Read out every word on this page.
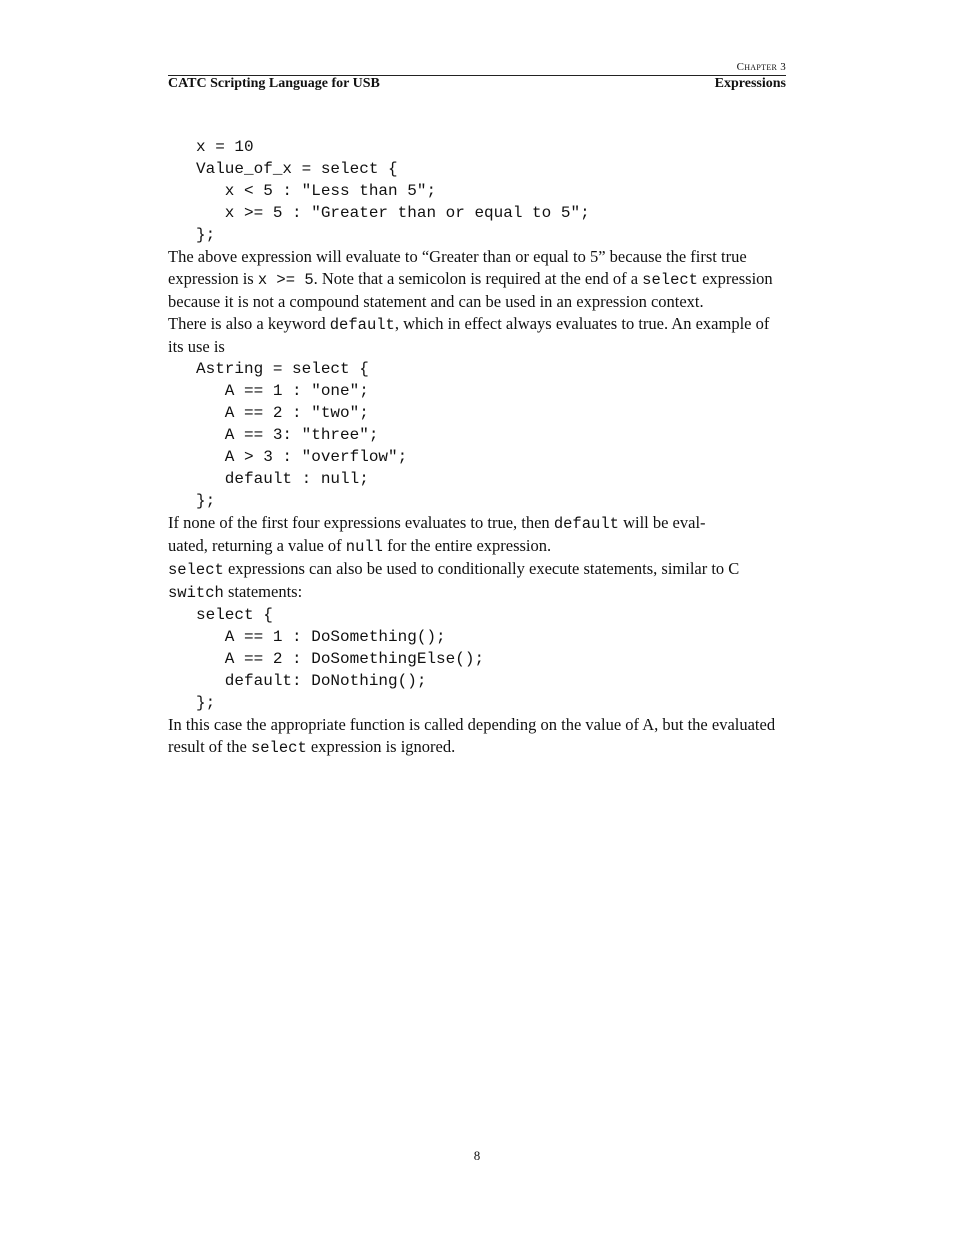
Chapter 3
CATC Scripting Language for USB	Expressions
x = 10
Value_of_x = select {
x < 5 : "Less than 5";
x >= 5 : "Greater than or equal to 5";
};

The above expression will evaluate to “Greater than or equal to 5” because the first true expression is x >= 5. Note that a semicolon is required at the end of a select expression because it is not a compound statement and can be used in an expression context.

There is also a keyword default, which in effect always evaluates to true. An example of its use is

Astring = select {
A == 1 : "one";
A == 2 : "two";
A == 3: "three";
A > 3 : "overflow";
default : null;
};

If none of the first four expressions evaluates to true, then default will be eval-
uated, returning a value of null for the entire expression.

select expressions can also be used to conditionally execute statements, similar to C switch statements:

select {
A == 1 : DoSomething();
A == 2 : DoSomethingElse();
default: DoNothing();
};

In this case the appropriate function is called depending on the value of A, but the evaluated result of the select expression is ignored.

8
